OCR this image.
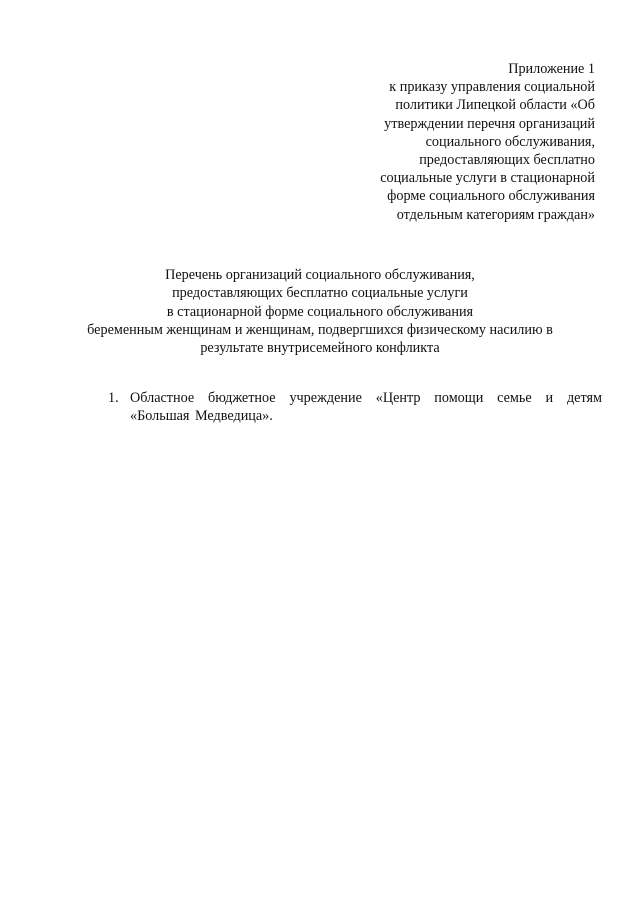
Приложение 1
к приказу управления социальной
политики Липецкой области «Об
утверждении перечня организаций
социального обслуживания,
предоставляющих бесплатно
социальные услуги в стационарной
форме социального обслуживания
отдельным категориям граждан»
Перечень организаций социального обслуживания,
предоставляющих бесплатно социальные услуги
в стационарной форме социального обслуживания
беременным женщинам и женщинам, подвергшихся физическому насилию в
результате внутрисемейного конфликта
1. Областное бюджетное учреждение «Центр помощи семье и детям «Большая Медведица».
